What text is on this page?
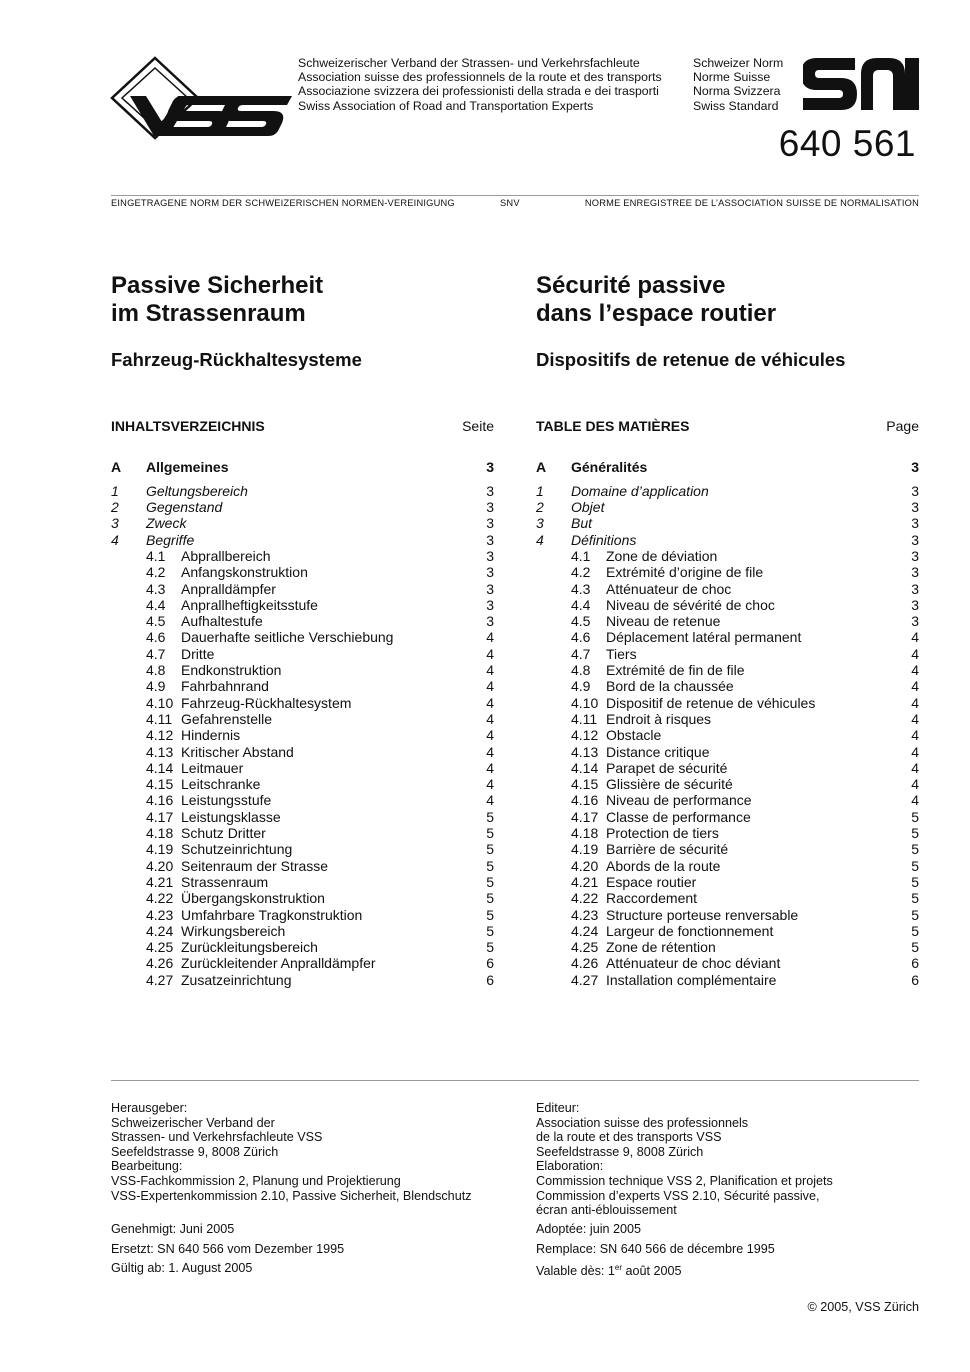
VSS	Schweizerischer Verband der Strassen- und Verkehrsfachleute
Association suisse des professionnels de la route et des transports
Associazione svizzera dei professionisti della strada e dei trasporti
Swiss Association of Road and Transportation Experts
Schweizer Norm
Norme Suisse
Norma Svizzera
Swiss Standard
SN
640 561
EINGETRAGENE NORM DER SCHWEIZERISCHEN NORMEN-VEREINIGUNG	SNV	NORME ENREGISTREE DE L’ASSOCIATION SUISSE DE NORMALISATION
Passive Sicherheit
im Strassenraum
Sécurité passive
dans l’espace routier
Fahrzeug-Rückhaltesysteme	Dispositifs de retenue de véhicules
INHALTSVERZEICHNIS	Seite	TABLE DES MATIÈRES	Page
A	Allgemeines	3
1	Geltungsbereich	3
2	Gegenstand	3
3	Zweck	3
4	Begriffe	3
4.1	Abprallbereich	3
4.2	Anfangskonstruktion	3
4.3	Anpralldämpfer	3
4.4	Anprallheftigkeitsstufe	3
4.5	Aufhaltestufe	3
4.6	Dauerhafte seitliche Verschiebung	4
4.7	Dritte	4
4.8	Endkonstruktion	4
4.9	Fahrbahnrand	4
4.10 Fahrzeug-Rückhaltesystem	4
4.11 Gefahrenstelle	4
4.12 Hindernis	4
4.13 Kritischer Abstand	4
4.14 Leitmauer	4
4.15 Leitschranke	4
4.16 Leistungsstufe	4
4.17 Leistungsklasse	5
4.18 Schutz Dritter	5
4.19 Schutzeinrichtung	5
4.20 Seitenraum der Strasse	5
4.21 Strassenraum	5
4.22 Übergangskonstruktion	5
4.23 Umfahrbare Tragkonstruktion	5
4.24 Wirkungsbereich	5
4.25 Zurückleitungsbereich	5
4.26 Zurückleitender Anpralldämpfer	6
4.27 Zusatzeinrichtung	6
A	Généralités	3
1	Domaine d’application	3
2	Objet	3
3	But	3
4	Définitions	3
4.1	Zone de déviation	3
4.2	Extrémité d’origine de file	3
4.3	Atténuateur de choc	3
4.4	Niveau de sévérité de choc	3
4.5	Niveau de retenue	3
4.6	Déplacement latéral permanent	4
4.7	Tiers	4
4.8	Extrémité de fin de file	4
4.9	Bord de la chaussée	4
4.10 Dispositif de retenue de véhicules	4
4.11 Endroit à risques	4
4.12 Obstacle	4
4.13 Distance critique	4
4.14 Parapet de sécurité	4
4.15 Glissière de sécurité	4
4.16 Niveau de performance	4
4.17 Classe de performance	5
4.18 Protection de tiers	5
4.19 Barrière de sécurité	5
4.20 Abords de la route	5
4.21 Espace routier	5
4.22 Raccordement	5
4.23 Structure porteuse renversable	5
4.24 Largeur de fonctionnement	5
4.25 Zone de rétention	5
4.26 Atténuateur de choc déviant	6
4.27 Installation complémentaire	6
Herausgeber:
Schweizerischer Verband der
Strassen- und Verkehrsfachleute VSS
Seefeldstrasse 9, 8008 Zürich
Bearbeitung:
VSS-Fachkommission 2, Planung und Projektierung
VSS-Expertenkommission 2.10, Passive Sicherheit, Blendschutz
Genehmigt: Juni 2005
Ersetzt: SN 640 566 vom Dezember 1995
Gültig ab: 1. August 2005
Editeur:
Association suisse des professionnels
de la route et des transports VSS
Seefeldstrasse 9, 8008 Zürich
Elaboration:
Commission technique VSS 2, Planification et projets
Commission d’experts VSS 2.10, Sécurité passive,
écran anti-éblouissement
Adoptée: juin 2005
Remplace: SN 640 566 de décembre 1995
Valable dès: 1er août 2005
© 2005, VSS Zürich
